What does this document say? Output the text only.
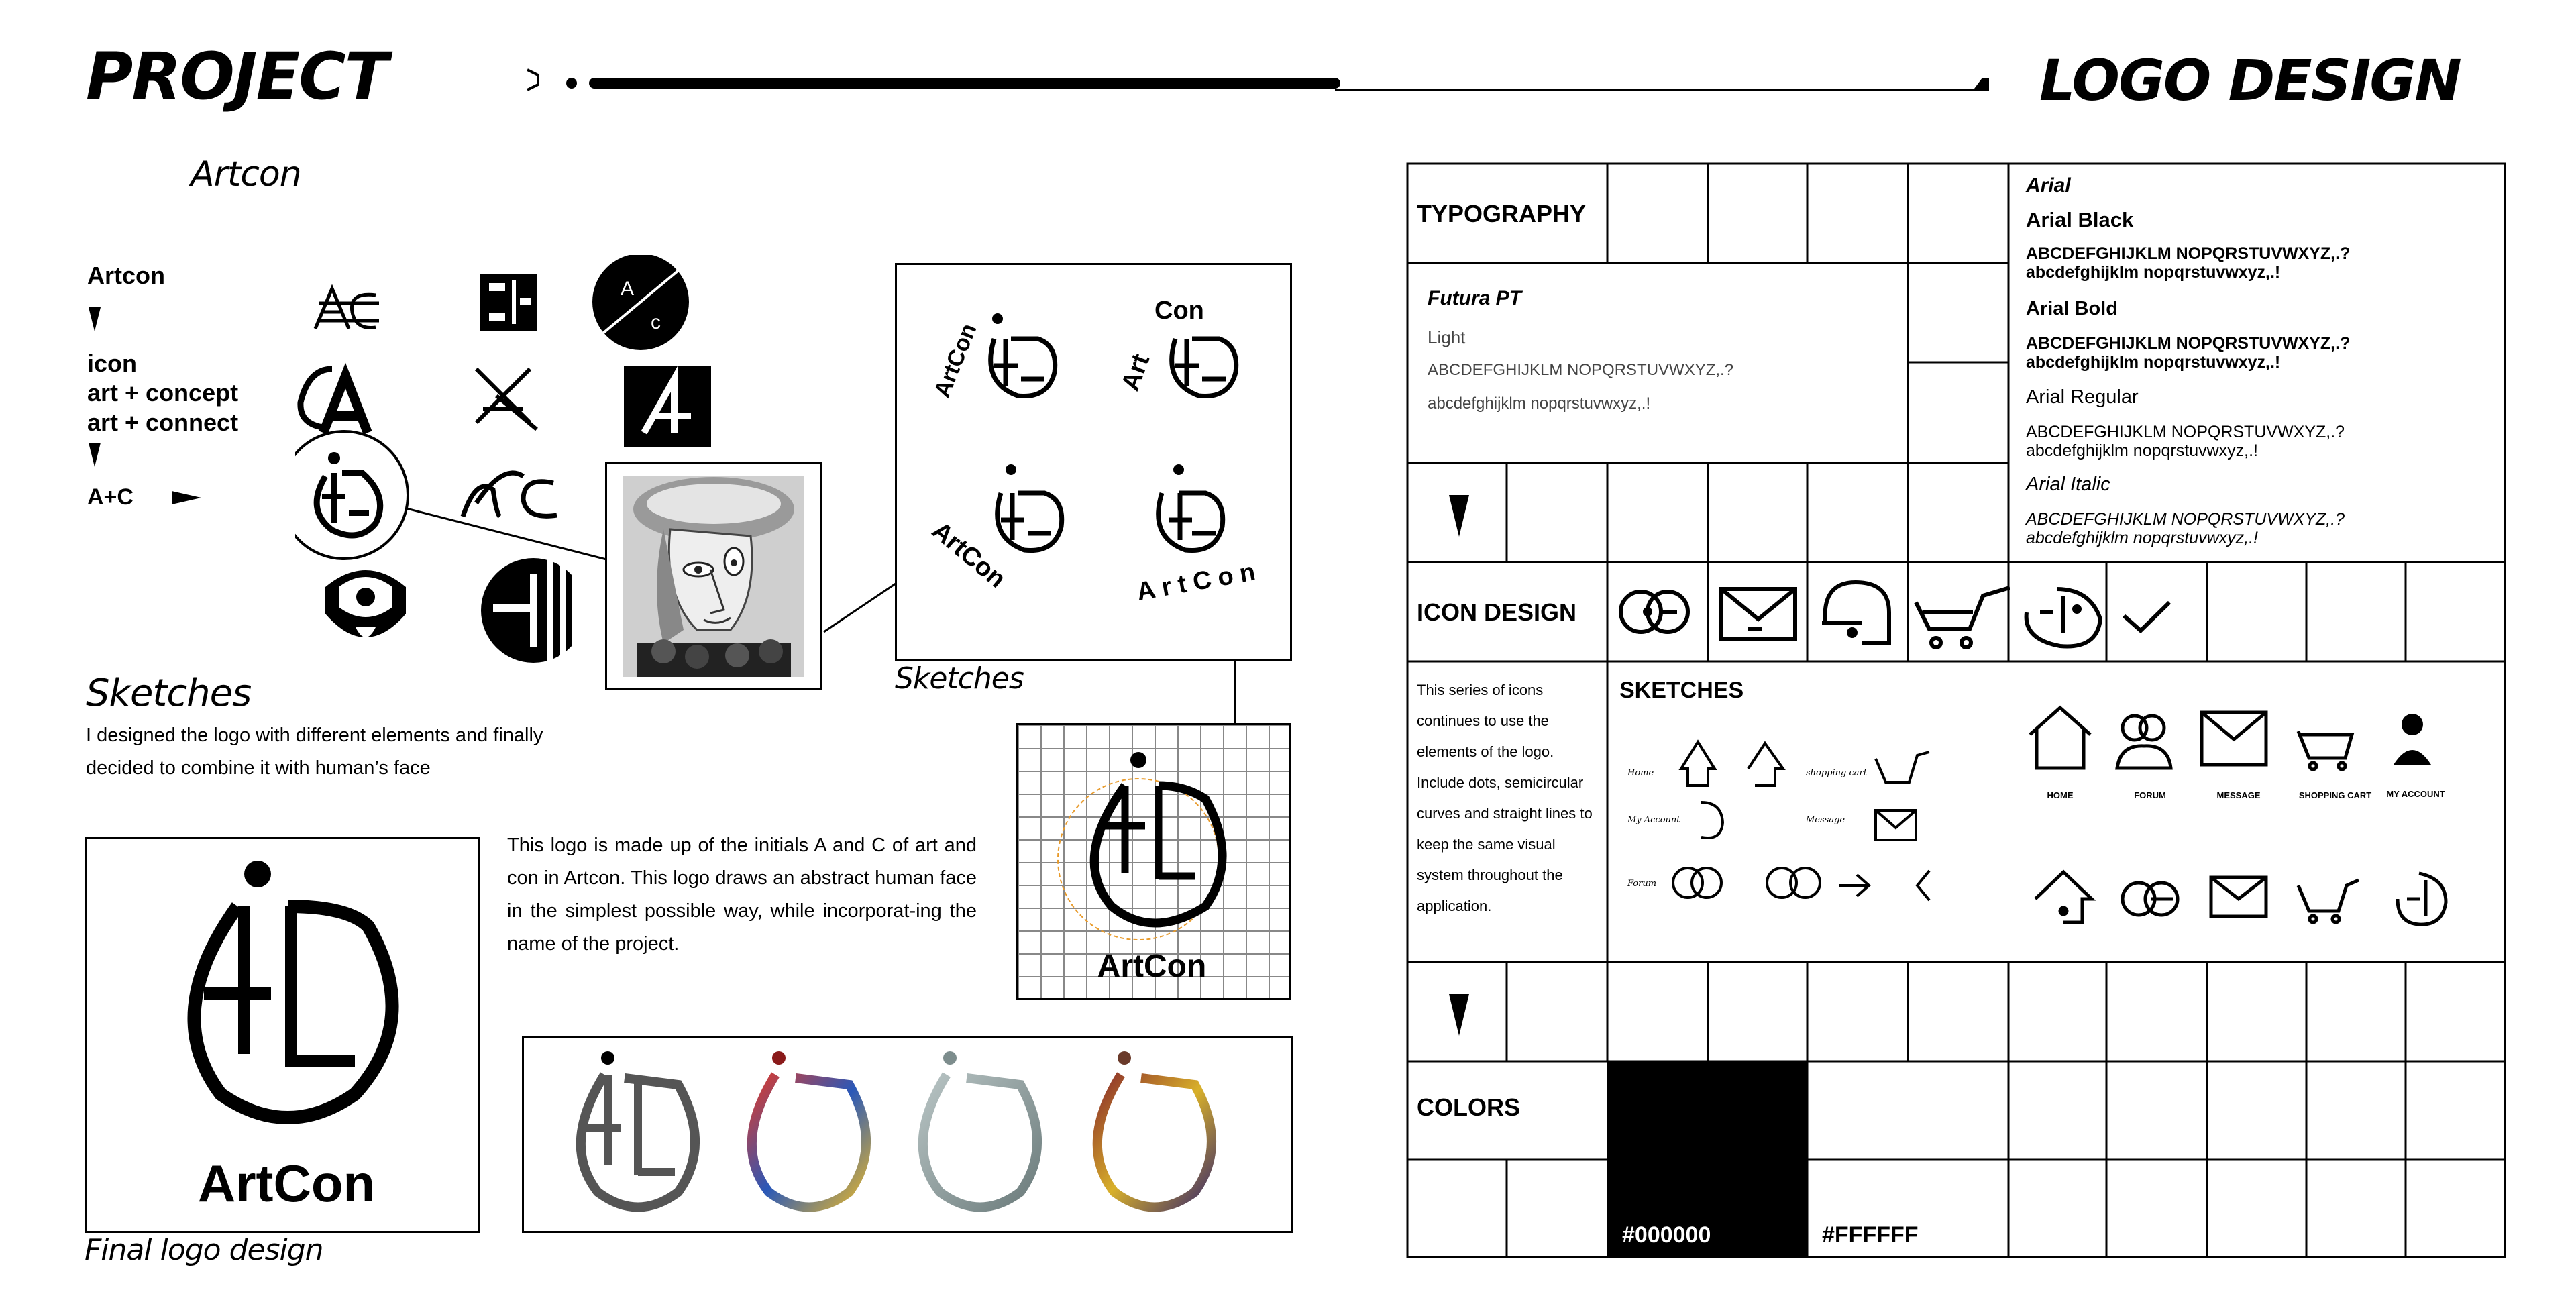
PROJECT	LOGO DESIGN
Artcon
Artcon
icon
art + concept
art + connect
A+C
A
c	ArtCon
Con
Art
ArtCon	ArtCon
Sketches
Sketches
I designed the logo with different elements and finally decided to combine it with human’s face
ArtCon
ArtCon
Final logo design
This logo is made up of the initials A and C of art and con in Artcon. This logo draws an abstract human face in the simplest possible way, while incorporat-ing the name of the project.
TYPOGRAPHY
Futura PT
Light
ABCDEFGHIJKLM NOPQRSTUVWXYZ,.?
abcdefghijklm nopqrstuvwxyz,.!
Arial
Arial Black
ABCDEFGHIJKLM NOPQRSTUVWXYZ,.?
abcdefghijklm nopqrstuvwxyz,.!
Arial Bold
ABCDEFGHIJKLM NOPQRSTUVWXYZ,.?
abcdefghijklm nopqrstuvwxyz,.!
Arial Regular
ABCDEFGHIJKLM NOPQRSTUVWXYZ,.?
abcdefghijklm nopqrstuvwxyz,.!
Arial Italic
ABCDEFGHIJKLM NOPQRSTUVWXYZ,.?
abcdefghijklm nopqrstuvwxyz,.!
ICON DESIGN
This series of icons continues to use the elements of the logo. Include dots, semicircular curves and straight lines to keep the same visual system throughout the application.
SKETCHES
Home	shopping cart
My Account	Message
Forum
HOME	FORUM	MESSAGE	SHOPPING CART	MY ACCOUNT
COLORS
#000000	#FFFFFF
